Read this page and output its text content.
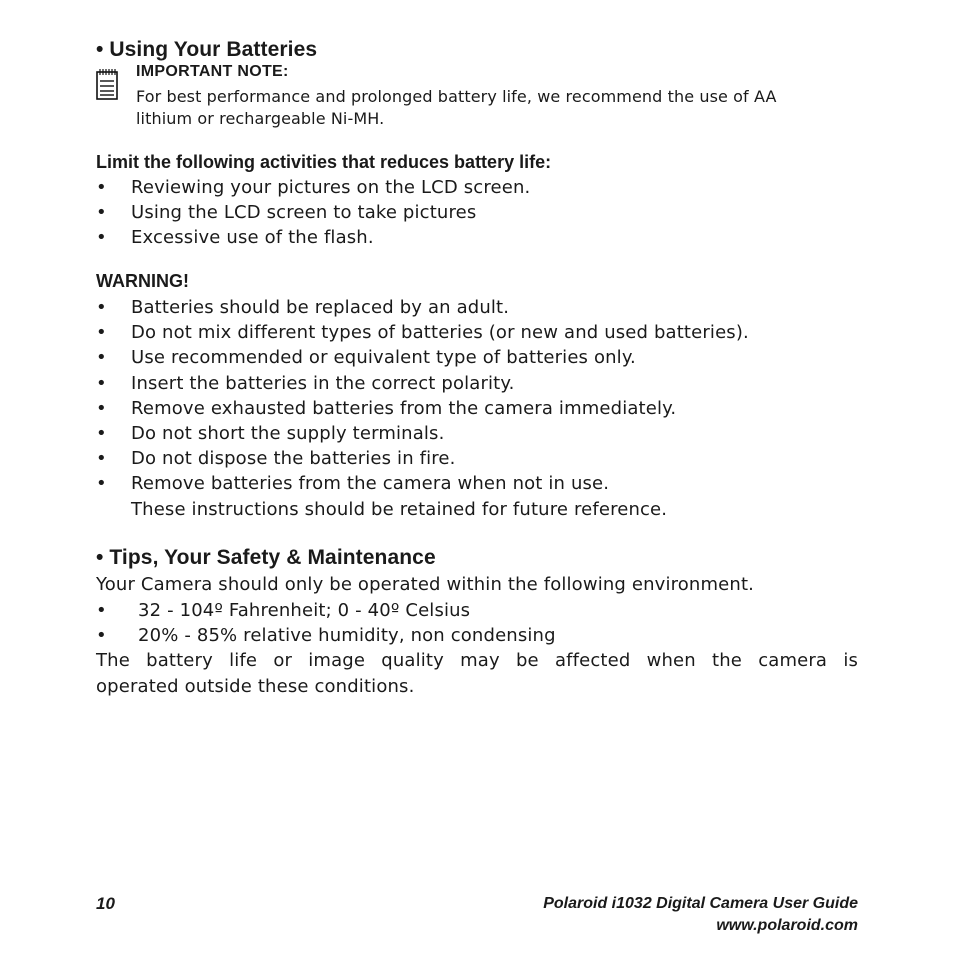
• Using Your Batteries
IMPORTANT NOTE:
For best performance and prolonged battery life, we recommend the use of AA
lithium or rechargeable Ni-MH.
Limit the following activities that reduces battery life:
• Reviewing your pictures on the LCD screen.
• Using the LCD screen to take pictures
• Excessive use of the flash.
WARNING!
• Batteries should be replaced by an adult.
• Do not mix different types of batteries (or new and used batteries).
• Use recommended or equivalent type of batteries only.
• Insert the batteries in the correct polarity.
• Remove exhausted batteries from the camera immediately.
• Do not short the supply terminals.
• Do not dispose the batteries in fire.
• Remove batteries from the camera when not in use.
These instructions should be retained for future reference.
• Tips, Your Safety & Maintenance
Your Camera should only be operated within the following environment.
• 32 - 104º Fahrenheit; 0 - 40º Celsius
• 20% - 85% relative humidity, non condensing
The battery life or image quality may be affected when the camera is
operated outside these conditions.
10	Polaroid i1032 Digital Camera User Guide
www.polaroid.com
